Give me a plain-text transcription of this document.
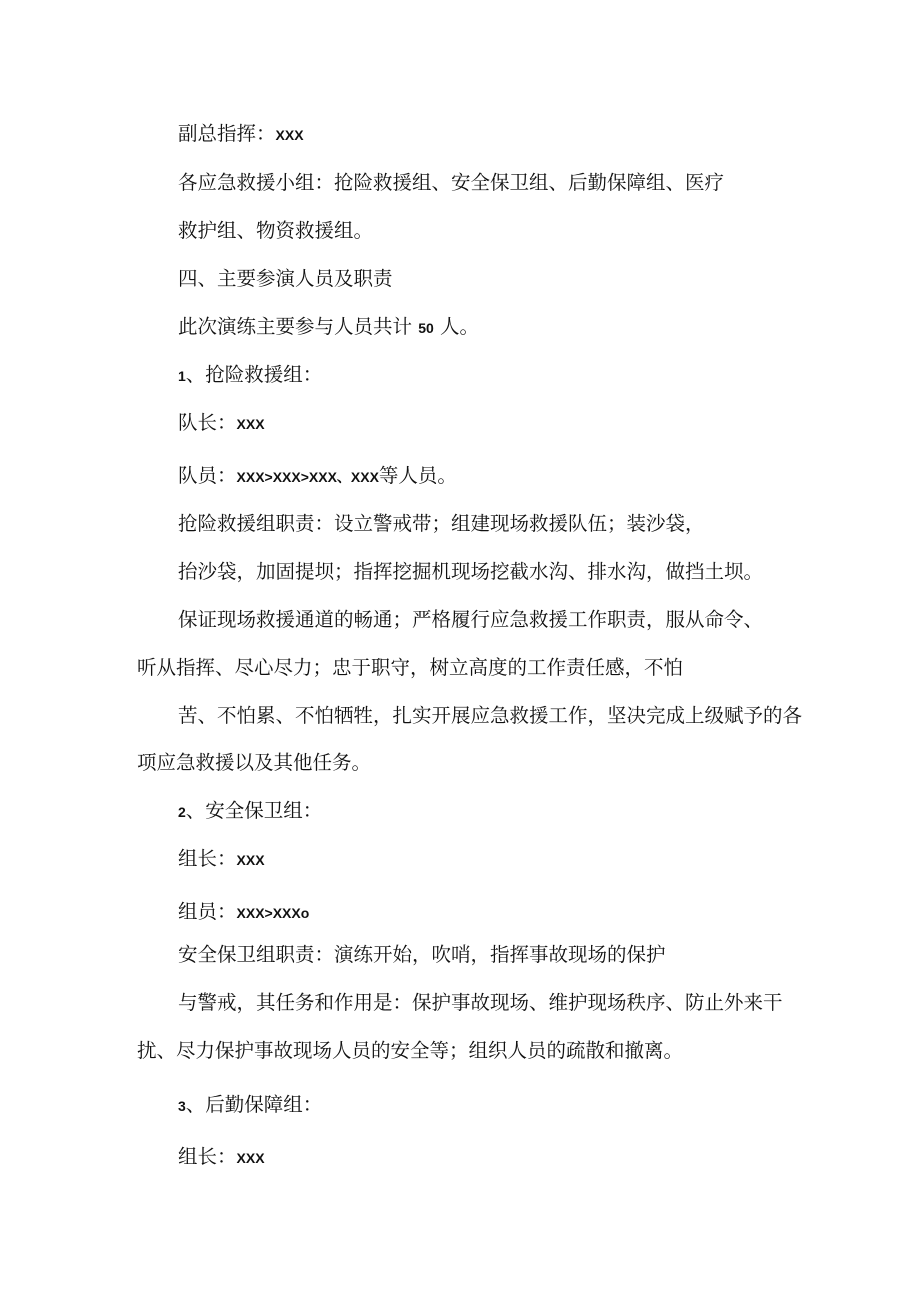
副总指挥：XXX
各应急救援小组：抢险救援组、安全保卫组、后勤保障组、医疗
救护组、物资救援组。
四、主要参演人员及职责
此次演练主要参与人员共计 50 人。
1、抢险救援组：
队长：XXX
队员：XXX>XXX>XXX、XXX等人员。
抢险救援组职责：设立警戒带；组建现场救援队伍；装沙袋，
抬沙袋，加固提坝；指挥挖掘机现场挖截水沟、排水沟，做挡土坝。
保证现场救援通道的畅通；严格履行应急救援工作职责，服从命令、
听从指挥、尽心尽力；忠于职守，树立高度的工作责任感，不怕
苦、不怕累、不怕牺牲，扎实开展应急救援工作，坚决完成上级赋予的各
项应急救援以及其他任务。
2、安全保卫组：
组长：XXX
组员：XXX>XXXo
安全保卫组职责：演练开始，吹哨，指挥事故现场的保护
与警戒，其任务和作用是：保护事故现场、维护现场秩序、防止外来干
扰、尽力保护事故现场人员的安全等；组织人员的疏散和撤离。
3、后勤保障组：
组长：XXX
